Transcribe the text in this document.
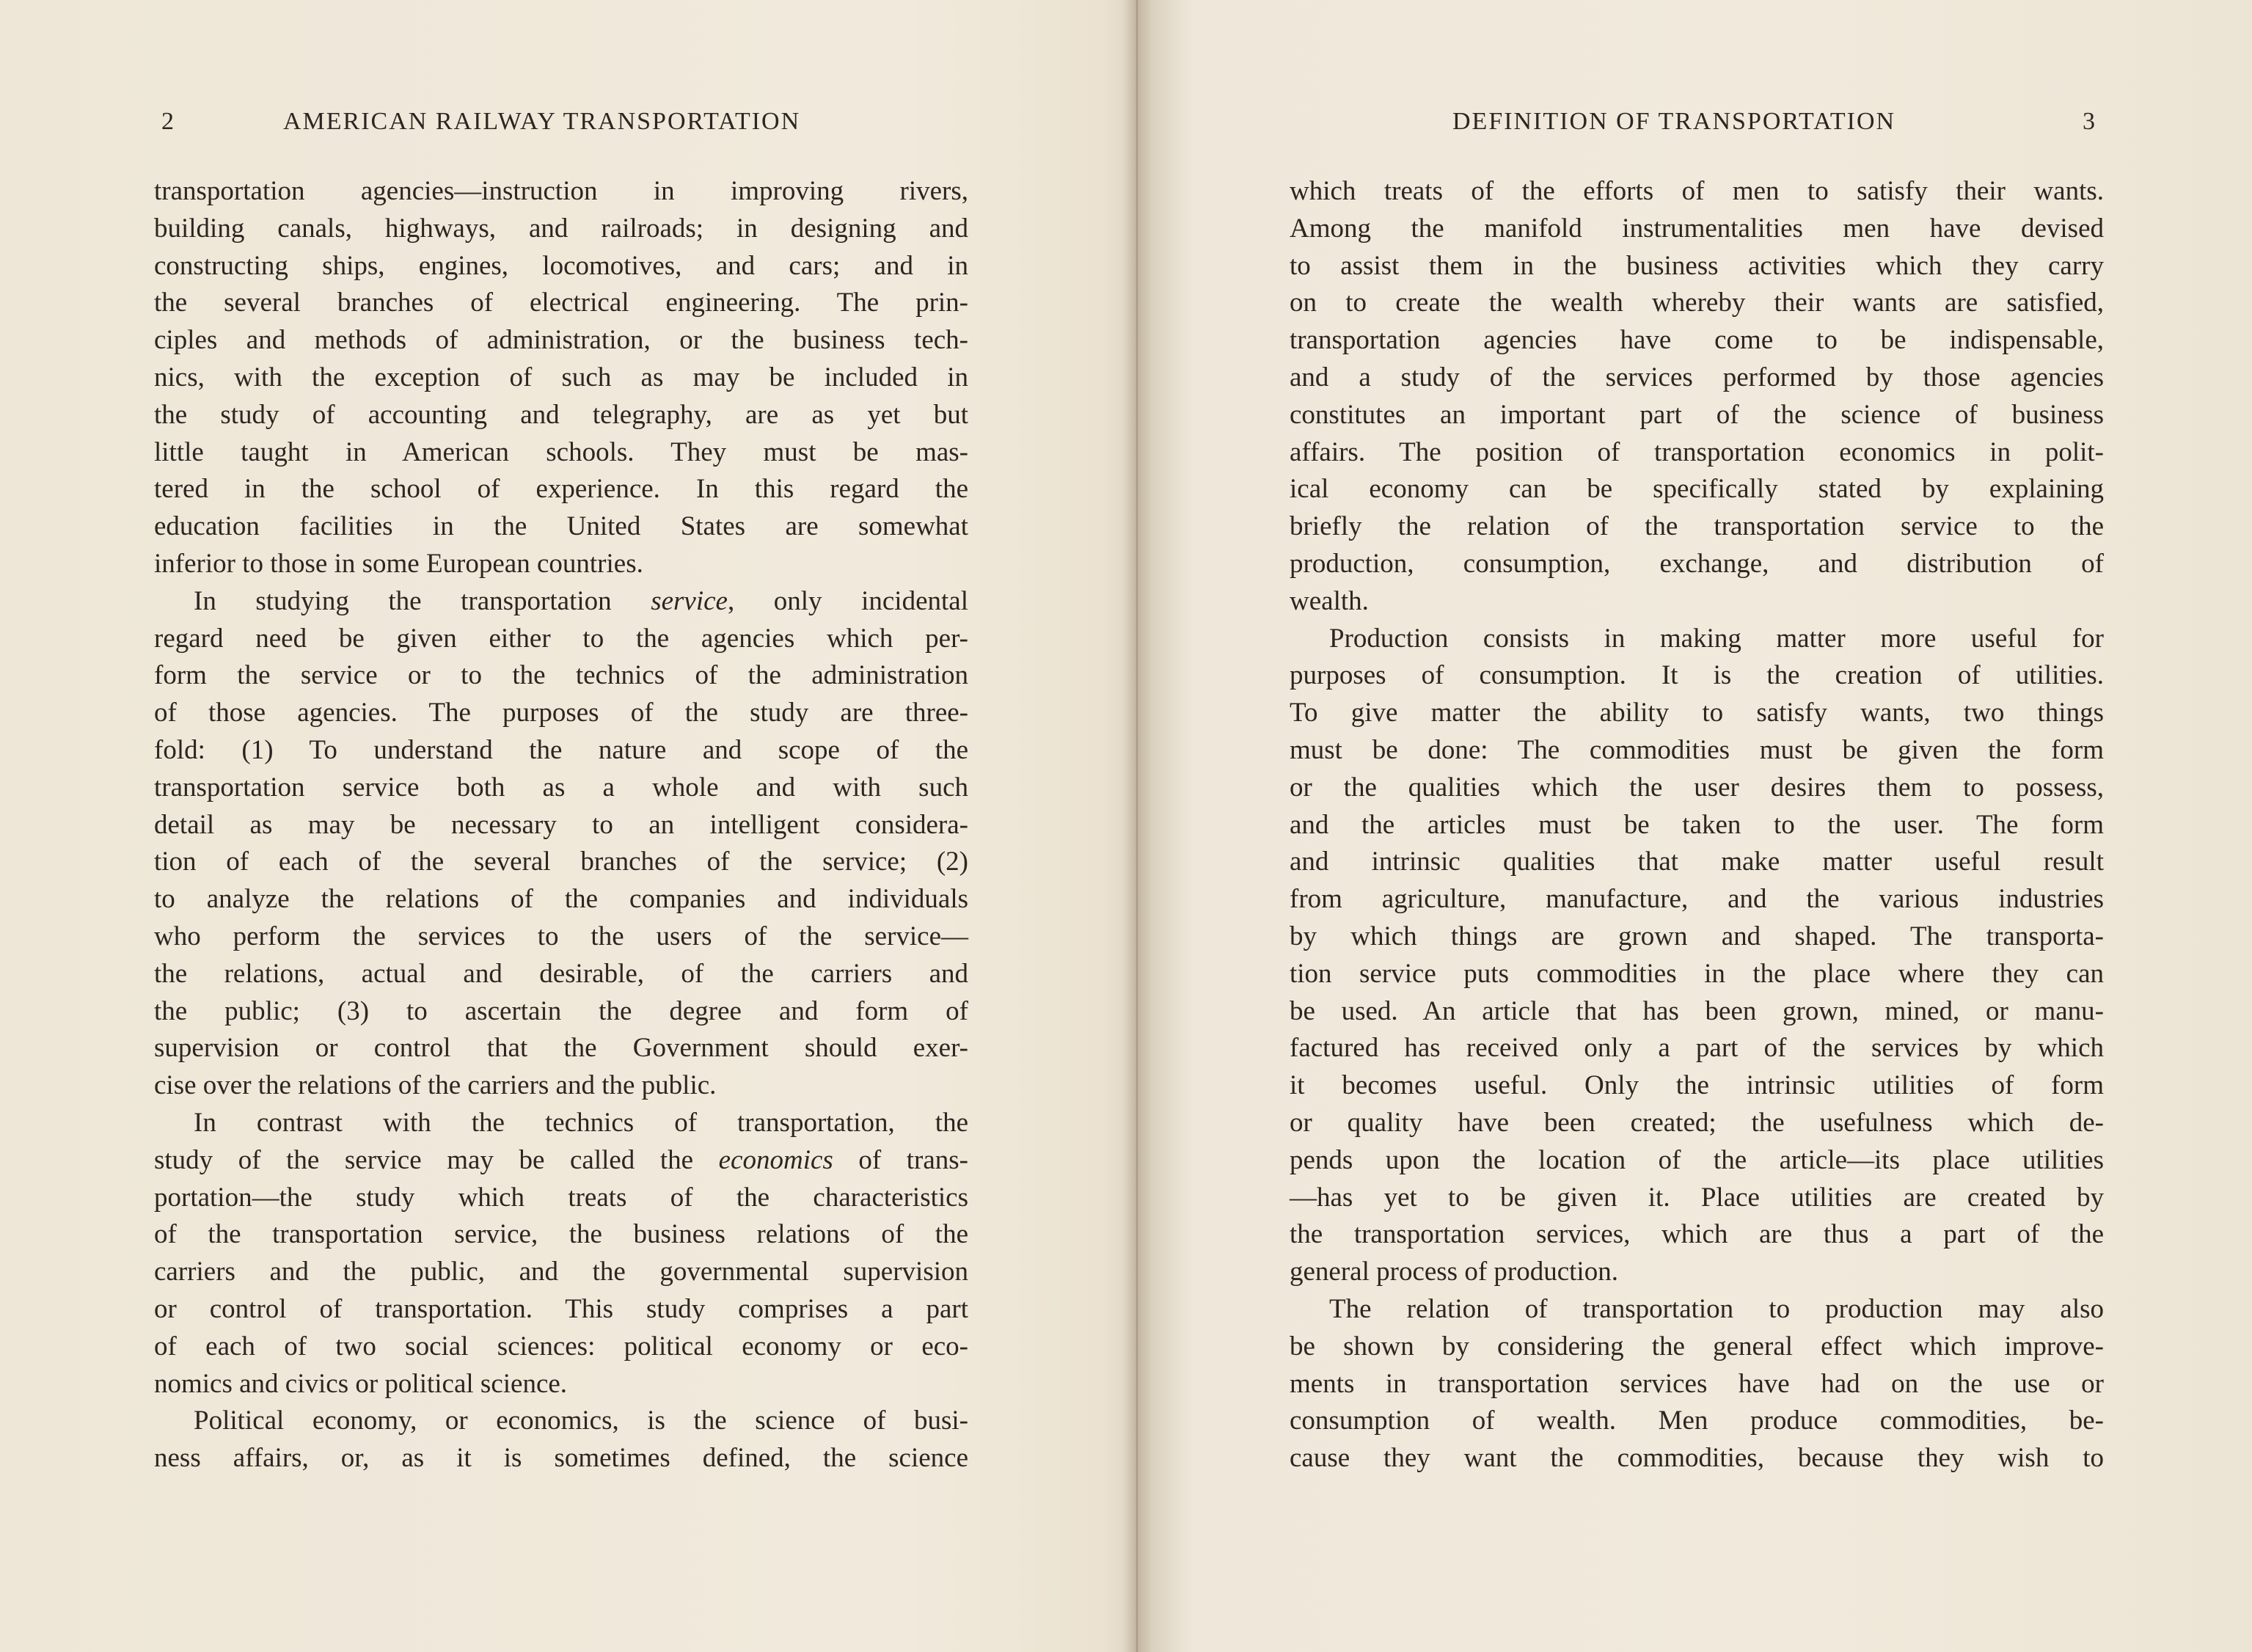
2	AMERICAN RAILWAY TRANSPORTATION
transportation agencies—instruction in improving rivers,
building canals, highways, and railroads; in designing and
constructing ships, engines, locomotives, and cars; and in
the several branches of electrical engineering. The prin-
ciples and methods of administration, or the business tech-
nics, with the exception of such as may be included in
the study of accounting and telegraphy, are as yet but
little taught in American schools. They must be mas-
tered in the school of experience. In this regard the
education facilities in the United States are somewhat
inferior to those in some European countries.
In studying the transportation service, only incidental
regard need be given either to the agencies which per-
form the service or to the technics of the administration
of those agencies. The purposes of the study are three-
fold: (1) To understand the nature and scope of the
transportation service both as a whole and with such
detail as may be necessary to an intelligent considera-
tion of each of the several branches of the service; (2)
to analyze the relations of the companies and individuals
who perform the services to the users of the service—
the relations, actual and desirable, of the carriers and
the public; (3) to ascertain the degree and form of
supervision or control that the Government should exer-
cise over the relations of the carriers and the public.
In contrast with the technics of transportation, the
study of the service may be called the economics of trans-
portation—the study which treats of the characteristics
of the transportation service, the business relations of the
carriers and the public, and the governmental supervision
or control of transportation. This study comprises a part
of each of two social sciences: political economy or eco-
nomics and civics or political science.
Political economy, or economics, is the science of busi-
ness affairs, or, as it is sometimes defined, the science
DEFINITION OF TRANSPORTATION	3
which treats of the efforts of men to satisfy their wants.
Among the manifold instrumentalities men have devised
to assist them in the business activities which they carry
on to create the wealth whereby their wants are satisfied,
transportation agencies have come to be indispensable,
and a study of the services performed by those agencies
constitutes an important part of the science of business
affairs. The position of transportation economics in polit-
ical economy can be specifically stated by explaining
briefly the relation of the transportation service to the
production, consumption, exchange, and distribution of
wealth.
Production consists in making matter more useful for
purposes of consumption. It is the creation of utilities.
To give matter the ability to satisfy wants, two things
must be done: The commodities must be given the form
or the qualities which the user desires them to possess,
and the articles must be taken to the user. The form
and intrinsic qualities that make matter useful result
from agriculture, manufacture, and the various industries
by which things are grown and shaped. The transporta-
tion service puts commodities in the place where they can
be used. An article that has been grown, mined, or manu-
factured has received only a part of the services by which
it becomes useful. Only the intrinsic utilities of form
or quality have been created; the usefulness which de-
pends upon the location of the article—its place utilities
—has yet to be given it. Place utilities are created by
the transportation services, which are thus a part of the
general process of production.
The relation of transportation to production may also
be shown by considering the general effect which improve-
ments in transportation services have had on the use or
consumption of wealth. Men produce commodities, be-
cause they want the commodities, because they wish to
